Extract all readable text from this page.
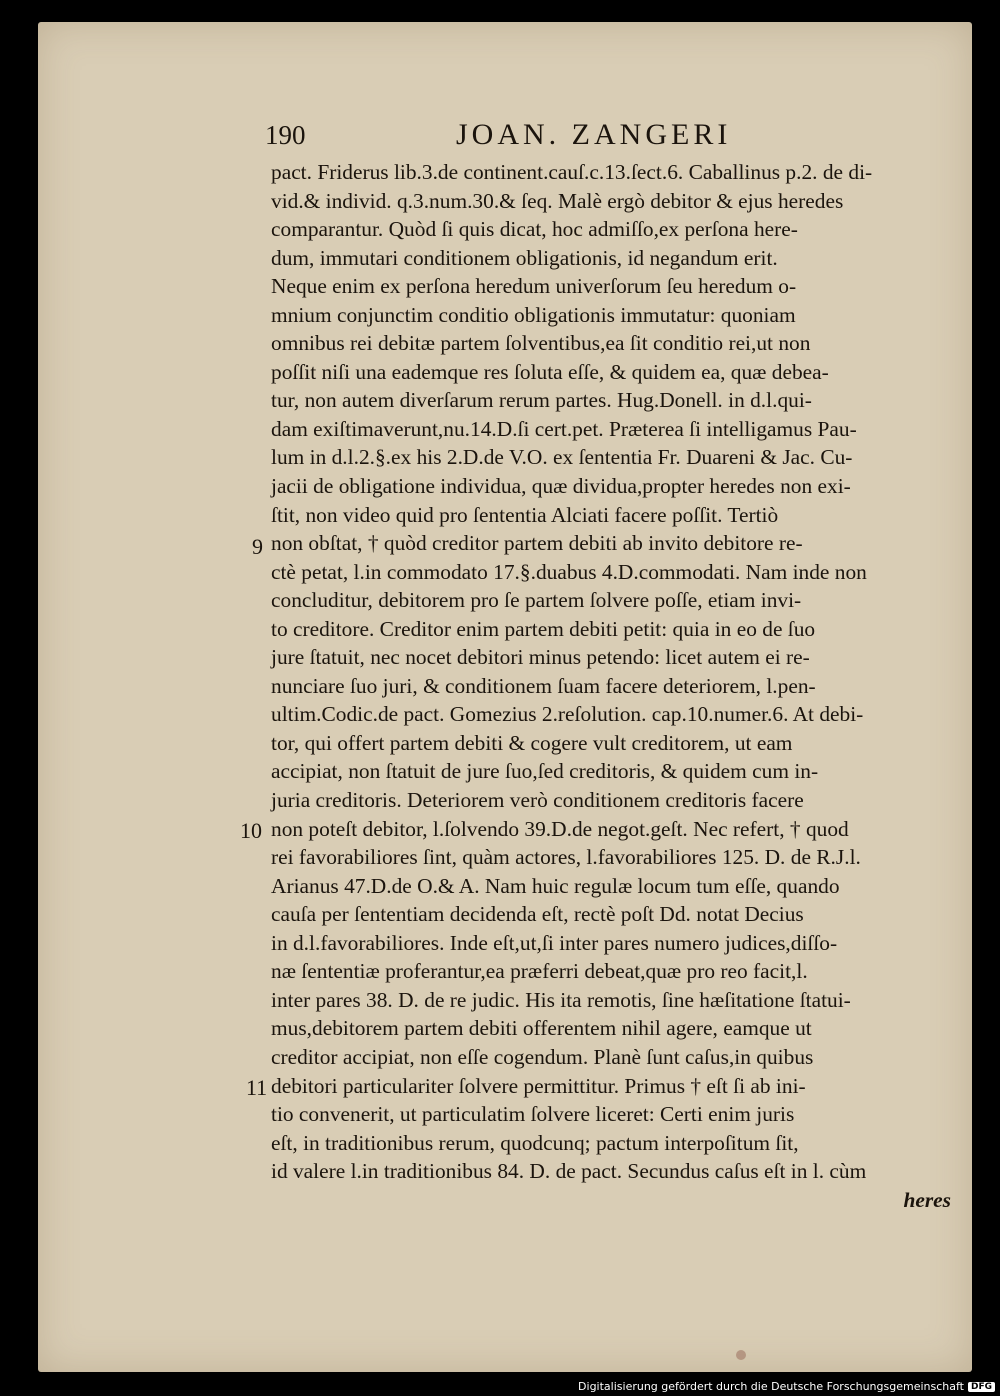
190	JOAN. ZANGERI
pact. Friderus lib.3.de continent.cauſ.c.13.ſect.6. Caballinus p.2. de di-
vid.& individ. q.3.num.30.& ſeq. Malè ergò debitor & ejus heredes
comparantur. Quòd ſi quis dicat, hoc admiſſo,ex perſona here-
dum, immutari conditionem obligationis, id negandum erit.
Neque enim ex perſona heredum univerſorum ſeu heredum o-
mnium conjunctim conditio obligationis immutatur: quoniam
omnibus rei debitæ partem ſolventibus,ea ſit conditio rei,ut non
poſſit niſi una eademque res ſoluta eſſe, & quidem ea, quæ debea-
tur, non autem diverſarum rerum partes. Hug.Donell. in d.l.qui-
dam exiſtimaverunt,nu.14.D.ſi cert.pet. Præterea ſi intelligamus Pau-
lum in d.l.2.§.ex his 2.D.de V.O. ex ſententia Fr. Duareni & Jac. Cu-
jacii de obligatione individua, quæ dividua,propter heredes non exi-
ſtit, non video quid pro ſententia Alciati facere poſſit. Tertiò
non obſtat, † quòd creditor partem debiti ab invito debitore re-
ctè petat, l.in commodato 17.§.duabus 4.D.commodati. Nam inde non
concluditur, debitorem pro ſe partem ſolvere poſſe, etiam invi-
to creditore. Creditor enim partem debiti petit: quia in eo de ſuo
jure ſtatuit, nec nocet debitori minus petendo: licet autem ei re-
nunciare ſuo juri, & conditionem ſuam facere deteriorem, l.pen-
ultim.Codic.de pact. Gomezius 2.reſolution. cap.10.numer.6. At debi-
tor, qui offert partem debiti & cogere vult creditorem, ut eam
accipiat, non ſtatuit de jure ſuo,ſed creditoris, & quidem cum in-
juria creditoris. Deteriorem verò conditionem creditoris facere
non poteſt debitor, l.ſolvendo 39.D.de negot.geſt. Nec refert, † quod
rei favorabiliores ſint, quàm actores, l.favorabiliores 125. D. de R.J.l.
Arianus 47.D.de O.& A. Nam huic regulæ locum tum eſſe, quando
cauſa per ſententiam decidenda eſt, rectè poſt Dd. notat Decius
in d.l.favorabiliores. Inde eſt,ut,ſi inter pares numero judices,diſſo-
næ ſententiæ proferantur,ea præferri debeat,quæ pro reo facit,l.
inter pares 38. D. de re judic. His ita remotis, ſine hæſitatione ſtatui-
mus,debitorem partem debiti offerentem nihil agere, eamque ut
creditor accipiat, non eſſe cogendum. Planè ſunt caſus,in quibus
debitori particulariter ſolvere permittitur. Primus † eſt ſi ab ini-
tio convenerit, ut particulatim ſolvere liceret: Certi enim juris
eſt, in traditionibus rerum, quodcunq; pactum interpoſitum ſit,
id valere l.in traditionibus 84. D. de pact. Secundus caſus eſt in l. cùm
heres
9
10
11
Digitalisierung gefördert durch die Deutsche Forschungsgemeinschaft DFG
